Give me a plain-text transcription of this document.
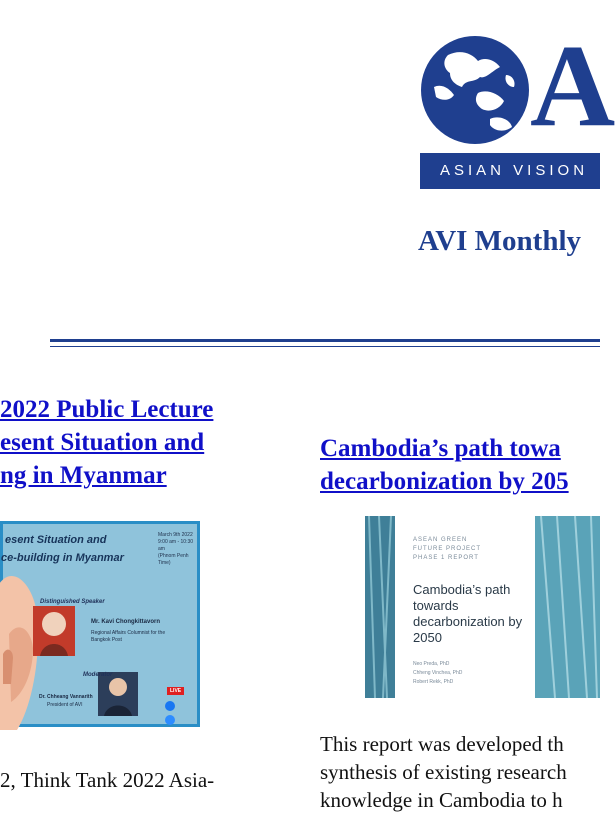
A
ASIAN VISION
AVI Monthly
2022 Public Lecture
esent Situation and
ng in Myanmar
esent Situation and
ce-building in Myanmar
March 9th 2022
9:00 am - 10:30 am
(Phnom Penh Time)
Distinguished Speaker
Mr. Kavi Chongkittavorn
Regional Affairs Columnist for the Bangkok Post
Moderator
Dr. Chheang Vannarith
President of AVI
LIVE
2, Think Tank 2022 Asia-
Cambodia’s path towa
decarbonization by 205
ASEAN GREEN
FUTURE PROJECT
PHASE 1 REPORT
Cambodia’s path towards decarbonization by 2050
Neo Preda, PhD
Chheng Vinchea, PhD
Robert Rekk, PhD
This report was developed th
synthesis of existing research
knowledge in Cambodia to h
